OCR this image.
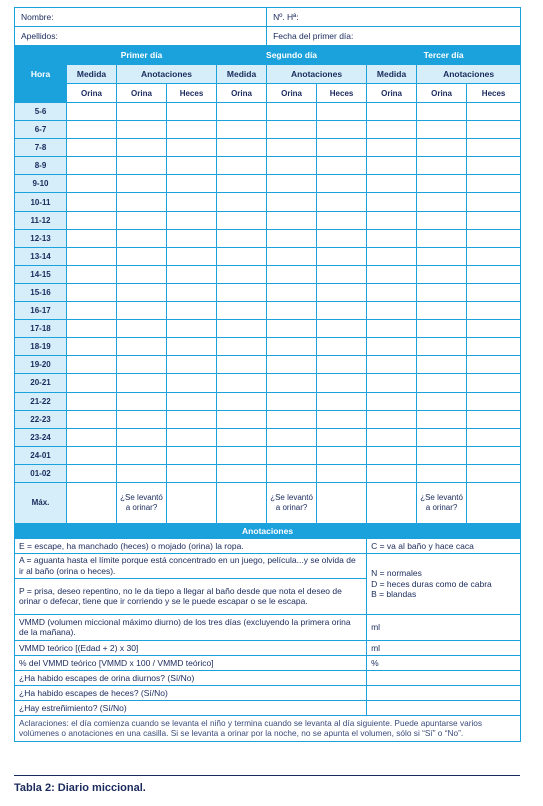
Nombre:					Nº. Hª:				
Apellidos:					Fecha del primer día:				
Hora	Primer día			Segundo día			Tercer día		
	Medida	Anotaciones		Medida	Anotaciones		Medida	Anotaciones	
	Orina	Orina	Heces	Orina	Orina	Heces	Orina	Orina	Heces
5-6									
6-7									
7-8									
8-9									
9-10									
10-11									
11-12									
12-13									
13-14									
14-15									
15-16									
16-17									
17-18									
18-19									
19-20									
20-21									
21-22									
22-23									
23-24									
24-01									
01-02									
Máx.		¿Se levantó a orinar?			¿Se levantó a orinar?			¿Se levantó a orinar?	
Anotaciones									
E = escape, ha manchado (heces) o mojado (orina) la ropa.							C = va al baño y hace caca		
A = aguanta hasta el límite porque está concentrado en un juego, película...y se olvida de ir al baño (orina o heces).							N = normales
D = heces duras como de cabra
B = blandas		
P = prisa, deseo repentino, no le da tiepo a llegar al baño desde que nota el deseo de orinar o defecar, tiene que ir corriendo y se le puede escapar o se le escapa.									
VMMD (volumen miccional máximo diurno) de los tres días (excluyendo la primera orina de la mañana).							ml		
VMMD teórico [(Edad + 2) x 30]							ml		
% del VMMD teórico [VMMD x 100 / VMMD teórico]							%		
¿Ha habido escapes de orina diurnos? (Sí/No)									
¿Ha habido escapes de heces? (Sí/No)									
¿Hay estreñimiento? (Sí/No)									
Aclaraciones: el día comienza cuando se levanta el niño y termina cuando se levanta al día siguiente. Puede apuntarse varios volúmenes o anotaciones en una casilla. Si se levanta a orinar por la noche, no se apunta el volumen, sólo si “Sí” o “No”.									
Tabla 2: Diario miccional.
